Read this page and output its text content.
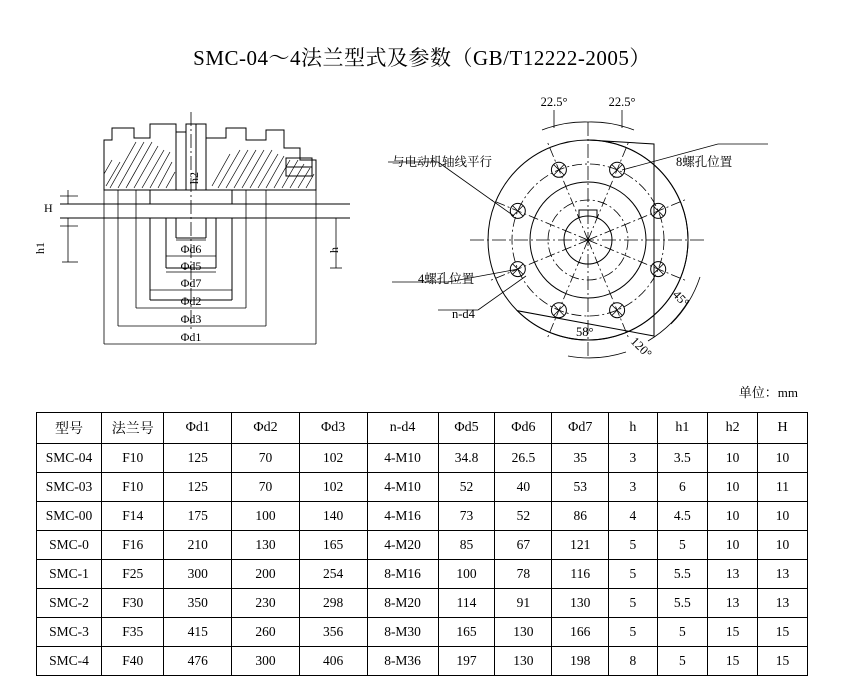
SMC-04～4法兰型式及参数（GB/T12222-2005）
单位：mm
H
h1
h2
h
Φd6
Φd5
Φd7
Φd2
Φd3
Φd1
22.5°	22.5°
与电动机轴线平行	8螺孔位置
4螺孔位置
n-d4
45°
58°
120°
型号	法兰号	Φd1	Φd2	Φd3	n-d4	Φd5	Φd6	Φd7	h	h1	h2	H
SMC-04	F10	125	70	102	4-M10	34.8	26.5	35	3	3.5	10	10
SMC-03	F10	125	70	102	4-M10	52	40	53	3	6	10	11
SMC-00	F14	175	100	140	4-M16	73	52	86	4	4.5	10	10
SMC-0	F16	210	130	165	4-M20	85	67	121	5	5	10	10
SMC-1	F25	300	200	254	8-M16	100	78	116	5	5.5	13	13
SMC-2	F30	350	230	298	8-M20	114	91	130	5	5.5	13	13
SMC-3	F35	415	260	356	8-M30	165	130	166	5	5	15	15
SMC-4	F40	476	300	406	8-M36	197	130	198	8	5	15	15
